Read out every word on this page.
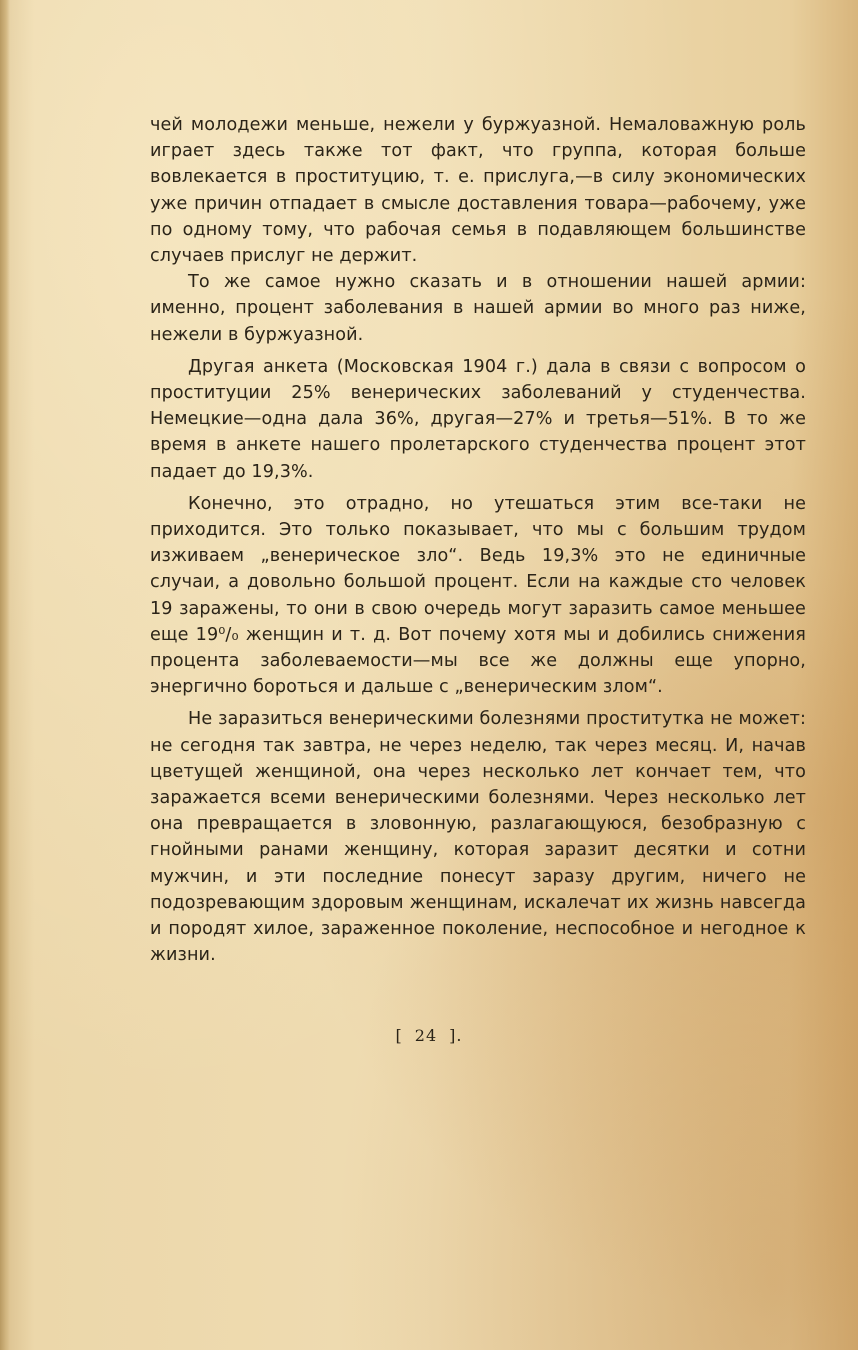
чей молодежи меньше, нежели у буржуазной. Немаловажную роль играет здесь также тот факт, что группа, которая больше вовлекается в проституцию, т. е. прислуга,—в силу экономических уже причин отпадает в смысле доставления товара—рабочему, уже по одному тому, что рабочая семья в подавляющем большинстве случаев прислуг не держит.

То же самое нужно сказать и в отношении нашей армии: именно, процент заболевания в нашей армии во много раз ниже, нежели в буржуазной.

Другая анкета (Московская 1904 г.) дала в связи с вопросом о проституции 25% венерических заболеваний у студенчества. Немецкие—одна дала 36%, другая—27% и третья—51%. В то же время в анкете нашего пролетарского студенчества процент этот падает до 19,3%.

Конечно, это отрадно, но утешаться этим все-таки не приходится. Это только показывает, что мы с большим трудом изживаем „венерическое зло“. Ведь 19,3% это не единичные случаи, а довольно большой процент. Если на каждые сто человек 19 заражены, то они в свою очередь могут заразить самое меньшее еще 19⁰/₀ женщин и т. д. Вот почему хотя мы и добились снижения процента заболеваемости—мы все же должны еще упорно, энергично бороться и дальше с „венерическим злом“.

Не заразиться венерическими болезнями проститутка не может: не сегодня так завтра, не через неделю, так через месяц. И, начав цветущей женщиной, она через несколько лет кончает тем, что заражается всеми венерическими болезнями. Через несколько лет она превращается в зловонную, разлагающуюся, безобразную с гнойными ранами женщину, которая заразит десятки и сотни мужчин, и эти последние понесут заразу другим, ничего не подозревающим здоровым женщинам, искалечат их жизнь навсегда и породят хилое, зараженное поколение, неспособное и негодное к жизни.

[ 24 ].
